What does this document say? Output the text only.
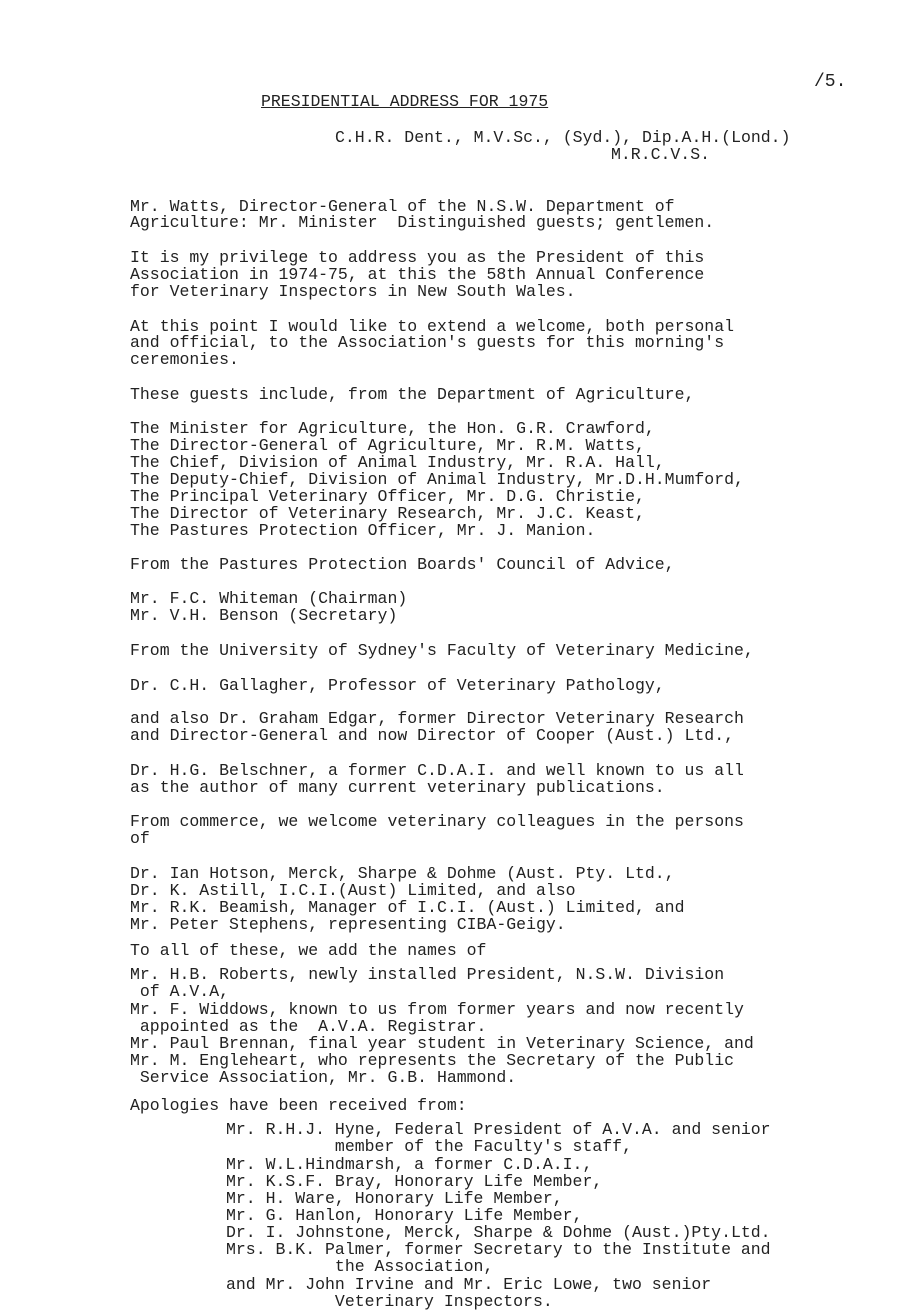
/5.
PRESIDENTIAL ADDRESS FOR 1975
C.H.R. Dent., M.V.Sc., (Syd.), Dip.A.H.(Lond.)
M.R.C.V.S.
Mr. Watts, Director-General of the N.S.W. Department of
Agriculture: Mr. Minister  Distinguished guests; gentlemen.
It is my privilege to address you as the President of this
Association in 1974-75, at this the 58th Annual Conference
for Veterinary Inspectors in New South Wales.
At this point I would like to extend a welcome, both personal
and official, to the Association's guests for this morning's
ceremonies.
These guests include, from the Department of Agriculture,
The Minister for Agriculture, the Hon. G.R. Crawford,
The Director-General of Agriculture, Mr. R.M. Watts,
The Chief, Division of Animal Industry, Mr. R.A. Hall,
The Deputy-Chief, Division of Animal Industry, Mr.D.H.Mumford,
The Principal Veterinary Officer, Mr. D.G. Christie,
The Director of Veterinary Research, Mr. J.C. Keast,
The Pastures Protection Officer, Mr. J. Manion.
From the Pastures Protection Boards' Council of Advice,
Mr. F.C. Whiteman (Chairman)
Mr. V.H. Benson (Secretary)
From the University of Sydney's Faculty of Veterinary Medicine,
Dr. C.H. Gallagher, Professor of Veterinary Pathology,
and also Dr. Graham Edgar, former Director Veterinary Research
and Director-General and now Director of Cooper (Aust.) Ltd.,
Dr. H.G. Belschner, a former C.D.A.I. and well known to us all
as the author of many current veterinary publications.
From commerce, we welcome veterinary colleagues in the persons
of
Dr. Ian Hotson, Merck, Sharpe & Dohme (Aust. Pty. Ltd.,
Dr. K. Astill, I.C.I.(Aust) Limited, and also
Mr. R.K. Beamish, Manager of I.C.I. (Aust.) Limited, and
Mr. Peter Stephens, representing CIBA-Geigy.
To all of these, we add the names of
Mr. H.B. Roberts, newly installed President, N.S.W. Division
of A.V.A,
Mr. F. Widdows, known to us from former years and now recently
appointed as the  A.V.A. Registrar.
Mr. Paul Brennan, final year student in Veterinary Science, and
Mr. M. Engleheart, who represents the Secretary of the Public
Service Association, Mr. G.B. Hammond.
Apologies have been received from:
Mr. R.H.J. Hyne, Federal President of A.V.A. and senior
member of the Faculty's staff,
Mr. W.L.Hindmarsh, a former C.D.A.I.,
Mr. K.S.F. Bray, Honorary Life Member,
Mr. H. Ware, Honorary Life Member,
Mr. G. Hanlon, Honorary Life Member,
Dr. I. Johnstone, Merck, Sharpe & Dohme (Aust.)Pty.Ltd.
Mrs. B.K. Palmer, former Secretary to the Institute and
the Association,
and Mr. John Irvine and Mr. Eric Lowe, two senior
Veterinary Inspectors.
